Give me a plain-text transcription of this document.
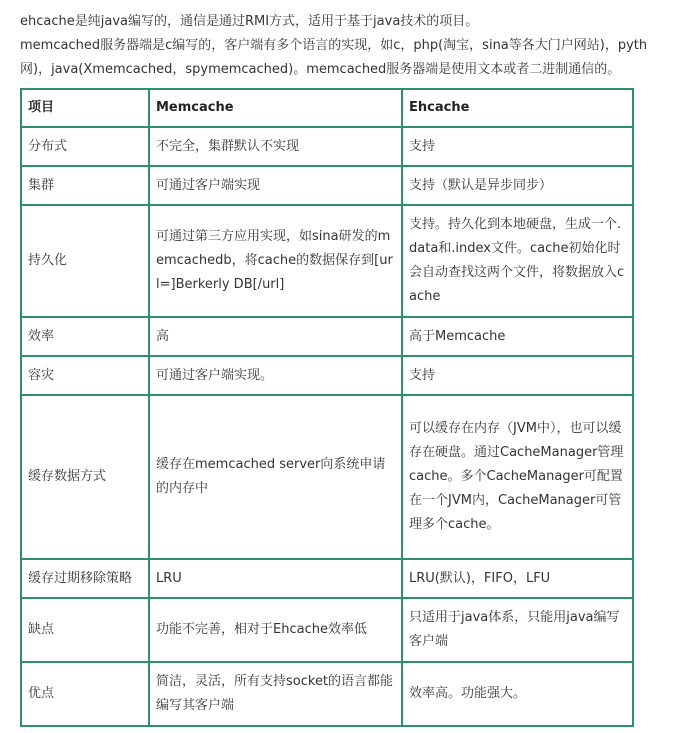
ehcache是纯java编写的，通信是通过RMI方式，适用于基于java技术的项目。

memcached服务器端是c编写的，客户端有多个语言的实现，如c，php(淘宝，sina等各大门户网站)，pyth

网)，java(Xmemcached，spymemcached)。memcached服务器端是使用文本或者二进制通信的。

项目	Memcache	Ehcache
分布式	不完全，集群默认不实现	支持
集群	可通过客户端实现	支持（默认是异步同步）
持久化	可通过第三方应用实现，如sina研发的memcachedb，将cache的数据保存到[url=]Berkerly DB[/url]	支持。持久化到本地硬盘，生成一个.data和.index文件。cache初始化时会自动查找这两个文件，将数据放入cache
效率	高	高于Memcache
容灾	可通过客户端实现。	支持
缓存数据方式	缓存在memcached server向系统申请的内存中	可以缓存在内存（JVM中），也可以缓存在硬盘。通过CacheManager管理cache。多个CacheManager可配置在一个JVM内，CacheManager可管理多个cache。
缓存过期移除策略	LRU	LRU(默认)，FIFO，LFU
缺点	功能不完善，相对于Ehcache效率低	只适用于java体系，只能用java编写客户端
优点	简洁，灵活，所有支持socket的语言都能编写其客户端	效率高。功能强大。
